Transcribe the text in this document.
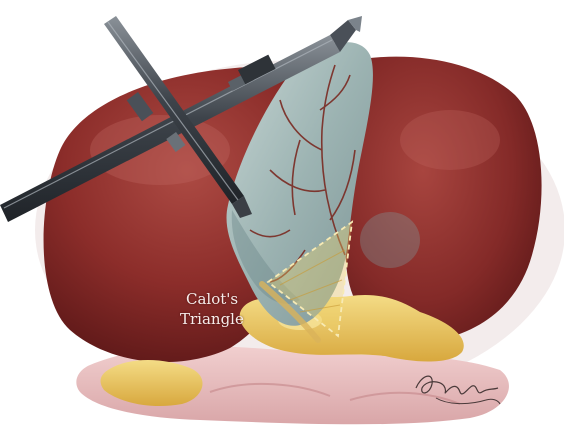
Calot's
Triangle
